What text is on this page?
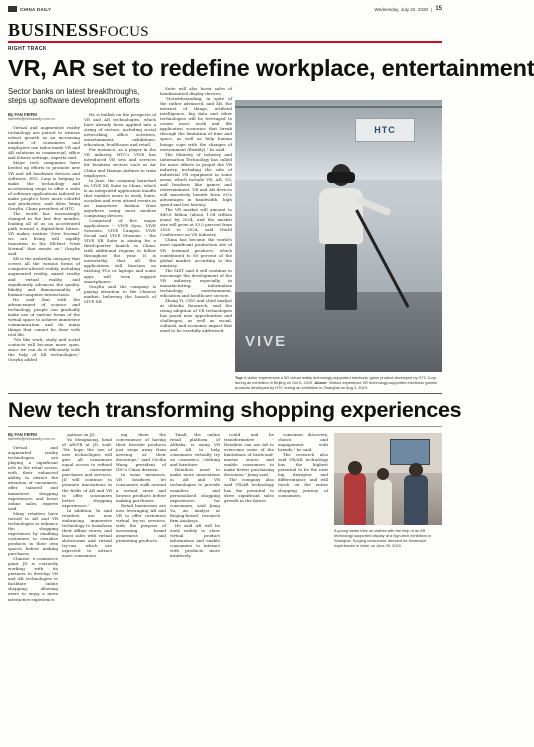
CHINA DAILY	Wednesday, July 22, 2020 | 15
BUSINESSFOCUS
RIGHT TRACK
VR, AR set to redefine workplace, entertainment
Sector banks on latest breakthroughs, steps up software development efforts
By FAN FEIFEI
fanfeifei@chinadaily.com.cn

Virtual and augmented reality technology are poised to witness robust growth as an increasing number of consumers and employees use tailor-made VR and AR solutions in commercial, office and leisure settings, experts said.

Major tech companies have beefed up efforts to promote new VR and AR hardware devices and software. HTC Corp is helping to make the technology and accelerating steps to offer a suite of software applications tailored to make people's lives more colorful and productive, said Alvin Wang Graylin, China president of HTC.

The world has increasingly changed in the last five months, leading all of us on accelerated path toward a digital-first future. VR makes routine 'New Normal' we are living will rapidly transition to the XR-first 'Next Normal' that awaits us," Graylin said.

XR is the umbrella category that covers all the various forms of computer-altered reality, including augmented reality, mixed reality and virtual reality, and significantly advances the quality, fidelity and dimensionality of human-computer interactions.

He said that with the advancement of science and technology, people can gradually make use of various forms of the virtual space to achieve immersive communication and do many things that cannot be done with real life.

"We like work, study and social contacts will become more open, since we can do it efficiently with the help of XR technologies," Graylin added.

He is bullish on the prospects of VR and AR technologies, which have already been applied into a string of sectors, including social networking, office activities, entertainment, exhibitions, education, healthcare and retail.

For instance, as a player in the VR industry, HTC's VIVE has introduced VR sets and services for business sectors such as Air China and Hainan Airlines to train employees.

In June, the company launched its VIVE XR Suite in China, which is an integrated application bundle that enables users to work, learn, socialize and even attend events in an immersive fashion from anywhere using most modern computing devices.

Comprised of five major applications -- VIVE Sync, VIVE Sessions, VIVE Campus, VIVE Social and VIVE Museum -- the VIVE XR Suite is aiming for a third-quarter launch in China, with additional regions to follow throughout the year. It is noteworthy that all the applications will function on existing PCs or laptops and some apps will even support smartphones.

Graylin said the company is paying attention to the Chinese market, believing the launch of VIVE XR

Suite will also boost sales of headmounted display devices.

"Notwithstanding, in spite of the rather advanced, and XR, the internet of things, artificial intelligence, big data and other technologies will be leveraged to create more work and life application scenarios that break through the limitation of time and space, as well as help human beings cope with the changes of environment (flexibly)," he said.

The Ministry of Industry and Information Technology has called for more efforts to propel the VR industry, including the sale of industrial VR equipment in some areas, which include VR, AR, 5G, and headsets like games and entertainment. VR and AR devices will massively benefit from 5G's advantages in bandwidth, high speed and low latency.

The VR market will amount to $49.6 billion (about 1.04 trillion yuan) by 2024, and the market size will grow at 53.5 percent from 2020 to 2024, said World Conference on VR Industry.

China has become the world's most significant production site of VR terminal products, which contributed to 80 percent of the global market, according to the ministry.

The MIIT said it will continue to encourage the development of the VR industry, especially in manufacturing, information technology, entertainment, education and healthcare sectors.

Zhang Yi, CEO and chief analyst at iiMedia Research, said the rising adoption of VR technologies has posed new opportunities and challenges, as well as social, cultural, and economic impact that need to be carefully addressed.

HTC
VIVE
Top: A visitor experiences a 5G virtual reality technology-supported electronic game product developed by HTC Corp during an exhibition in Beijing on Oct 5, 2019. Above: Visitors experience VR technology-supported electronic games products developed by HTC during an exhibition in Shanghai on Aug 2, 2019.
New tech transforming shopping experiences
By FAN FEIFEI
fanfeifei@chinadaily.com.cn

Virtual and augmented reality technologies are playing a significant role in the retail sector, with their enhanced ability to attract the attention of consumers, offer tailored and immersive shopping experiences and boost online sales, experts said.

Many retailers have turned to AR and VR technologies to enhance the shopping experience by enabling customers to visualize products in their own spaces before making purchases.

Chinese e-commerce giant JD is currently working with its partners to develop VR and AR technologies to facilitate online shopping, allowing users to enjoy a more interactive experience.

options on JD.

Yu Mengxiong, head of AR/VR at JD, said: "We hope the use of new technologies will give all consumers equal access to refined and convenient purchases and services. JD will continue to promote innovations in the fields of AR and VR to offer consumers better shopping experiences."

In addition, Yu said retailers are now embracing immersive technology to transform their offline stores, and boost sales with virtual showrooms and virtual try-ons, which are expected to attract more consumers.

ing them the convenience of having their favorite products just steps away from arriving at their doorsteps," said Cecilia Wang, president of IDC's China division.

In some instances, VR headsets let consumers walk around a virtual store and browse products before making purchases.

Retail businesses are now leveraging AR and VR to offer customers virtual try-on services, with the purpose of increasing brand awareness and promoting products.

Tmall, the online retail platform of Alibaba, is using VR and AR to help consumers virtually try on cosmetics, clothing and furniture.

Retailers need to make more innovations in AR and VR technologies to provide seamless and personalized shopping experiences for consumers, said Jiang Yu, an analyst at Beijing-based research firm Analysys.

He said AR will be used widely to show virtual product information and enable consumers to interact with products more intuitively.

could and be transformative - Retailers can use AR to overcome some of the limitations of brick-and-mortar stores and enable consumers to make better purchasing decisions," Jiang said.

The company also said VR/AR technology has the potential to drive significant sales growth in the future.

consumer discovery, choice, and engagement with brands," he said.

The research also said VR/AR technology has the highest potential to be the next big disruptor and differentiator, and will touch on the entire shopping journey of consumers.

A young visitor tries on clothes with the help of an AR technology-supported display at a high-tech exhibition in Shanghai. Surging consumers' demand for immersive experiences in retail, on June 20, 2019.
